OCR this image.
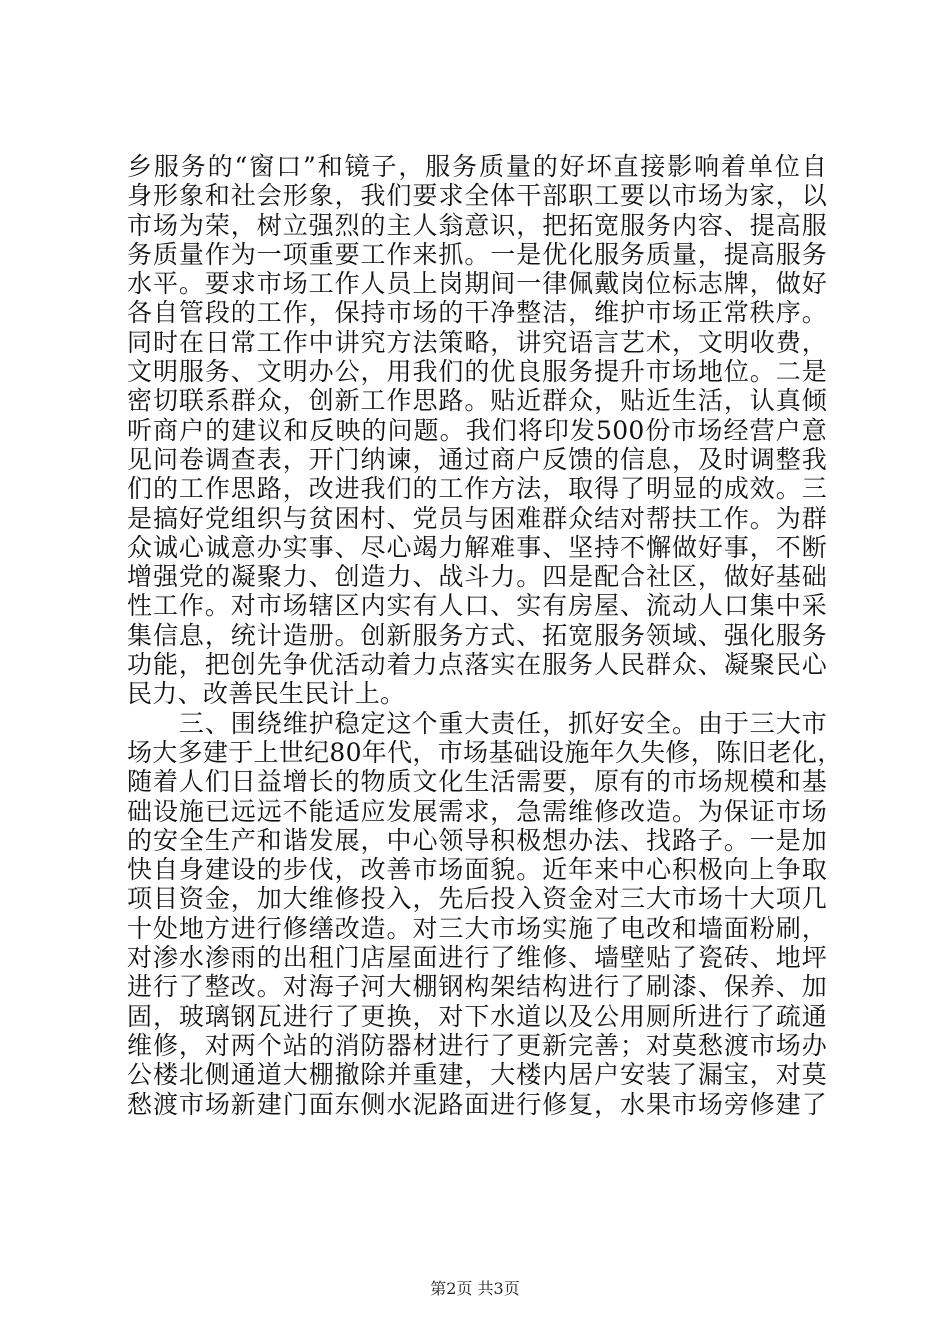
乡服务的“窗口”和镜子，服务质量的好坏直接影响着单位自
身形象和社会形象，我们要求全体干部职工要以市场为家，以
市场为荣，树立强烈的主人翁意识，把拓宽服务内容、提高服
务质量作为一项重要工作来抓。一是优化服务质量，提高服务
水平。要求市场工作人员上岗期间一律佩戴岗位标志牌，做好
各自管段的工作，保持市场的干净整洁，维护市场正常秩序。
同时在日常工作中讲究方法策略，讲究语言艺术，文明收费，
文明服务、文明办公，用我们的优良服务提升市场地位。二是
密切联系群众，创新工作思路。贴近群众，贴近生活，认真倾
听商户的建议和反映的问题。我们将印发500份市场经营户意
见问卷调查表，开门纳谏，通过商户反馈的信息，及时调整我
们的工作思路，改进我们的工作方法，取得了明显的成效。三
是搞好党组织与贫困村、党员与困难群众结对帮扶工作。为群
众诚心诚意办实事、尽心竭力解难事、坚持不懈做好事，不断
增强党的凝聚力、创造力、战斗力。四是配合社区，做好基础
性工作。对市场辖区内实有人口、实有房屋、流动人口集中采
集信息，统计造册。创新服务方式、拓宽服务领域、强化服务
功能，把创先争优活动着力点落实在服务人民群众、凝聚民心
民力、改善民生民计上。
　　三、围绕维护稳定这个重大责任，抓好安全。由于三大市
场大多建于上世纪80年代，市场基础设施年久失修，陈旧老化，
随着人们日益增长的物质文化生活需要，原有的市场规模和基
础设施已远远不能适应发展需求，急需维修改造。为保证市场
的安全生产和谐发展，中心领导积极想办法、找路子。一是加
快自身建设的步伐，改善市场面貌。近年来中心积极向上争取
项目资金，加大维修投入，先后投入资金对三大市场十大项几
十处地方进行修缮改造。对三大市场实施了电改和墙面粉刷，
对渗水渗雨的出租门店屋面进行了维修、墙壁贴了瓷砖、地坪
进行了整改。对海子河大棚钢构架结构进行了刷漆、保养、加
固，玻璃钢瓦进行了更换，对下水道以及公用厕所进行了疏通
维修，对两个站的消防器材进行了更新完善；对莫愁渡市场办
公楼北侧通道大棚撤除并重建，大楼内居户安装了漏宝，对莫
愁渡市场新建门面东侧水泥路面进行修复，水果市场旁修建了
第2页 共3页
